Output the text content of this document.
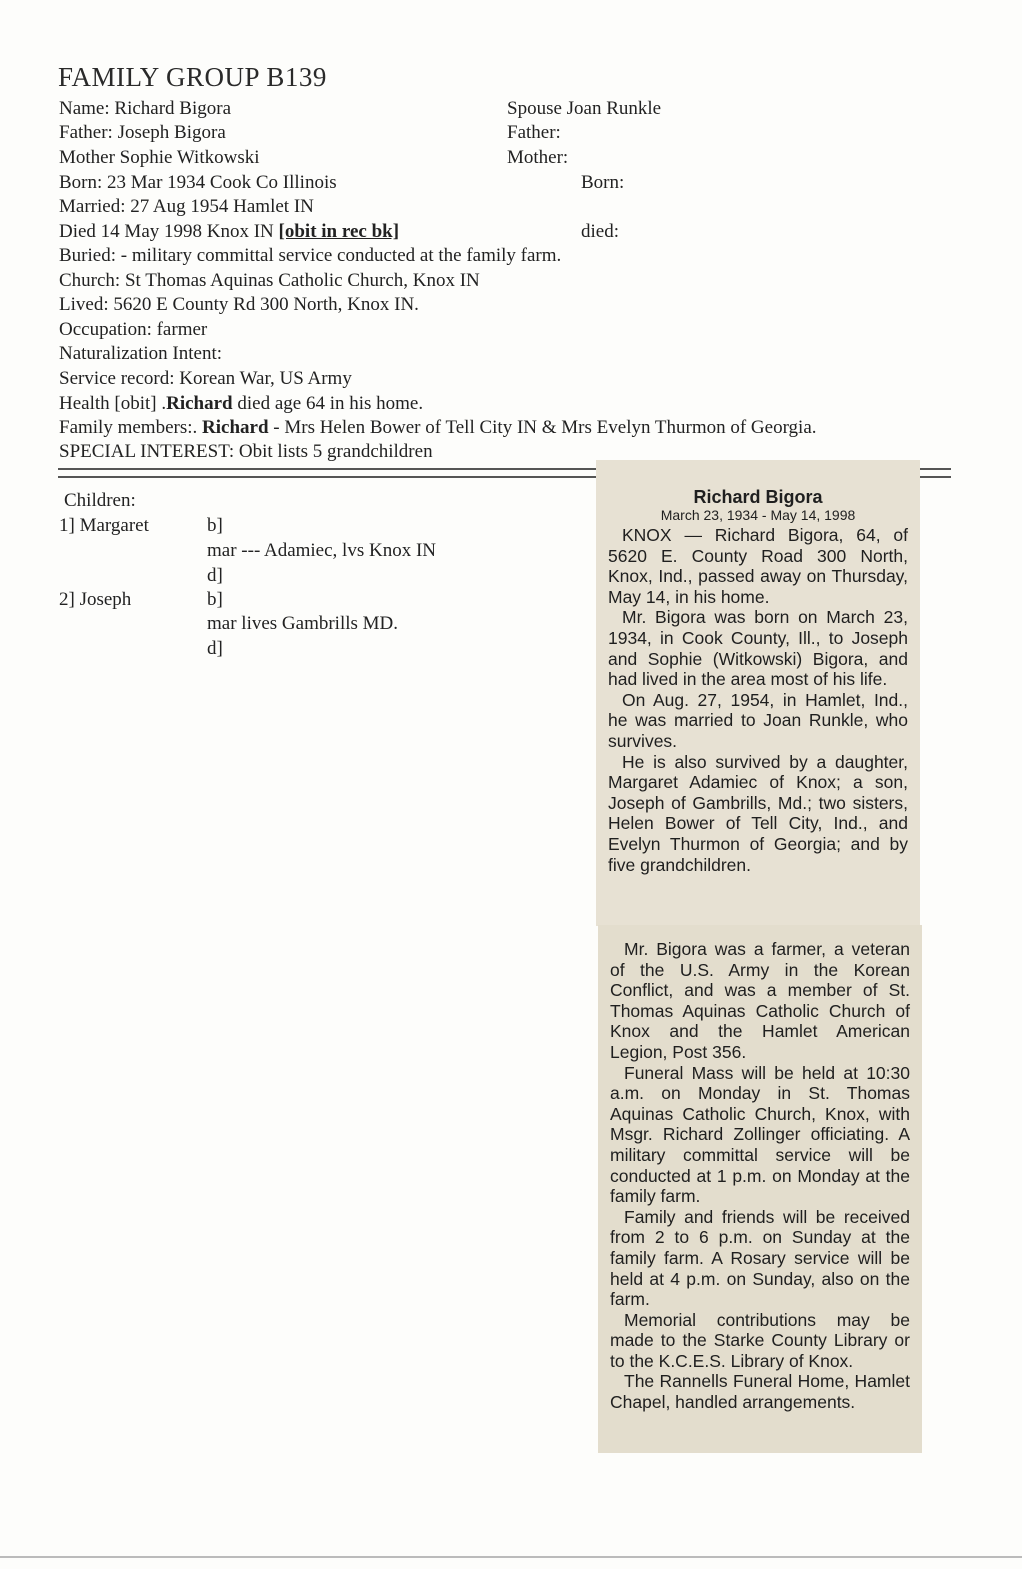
FAMILY GROUP B139
Name: Richard Bigora
Father: Joseph Bigora
Mother Sophie Witkowski
Born: 23 Mar 1934 Cook Co Illinois
Married: 27 Aug 1954 Hamlet IN
Died 14 May 1998 Knox IN [obit in rec bk]
Buried: - military committal service conducted at the family farm.
Church: St Thomas Aquinas Catholic Church, Knox IN
Lived: 5620 E County Rd 300 North, Knox IN.
Occupation: farmer
Naturalization Intent:
Service record: Korean War, US Army
Health [obit] .Richard died age 64 in his home.
Family members:. Richard - Mrs Helen Bower of Tell City IN & Mrs Evelyn Thurmon of Georgia.
SPECIAL INTEREST: Obit lists 5 grandchildren
Spouse Joan Runkle
Father:
Mother:
Born:
died:
Children:
1] Margaret	b]
mar --- Adamiec, lvs Knox IN
d]
2] Joseph	b]
mar lives Gambrills MD.
d]
Richard Bigora
March 23, 1934 - May 14, 1998

KNOX — Richard Bigora, 64, of 5620 E. County Road 300 North, Knox, Ind., passed away on Thursday, May 14, in his home.

Mr. Bigora was born on March 23, 1934, in Cook County, Ill., to Joseph and Sophie (Witkowski) Bigora, and had lived in the area most of his life.

On Aug. 27, 1954, in Hamlet, Ind., he was married to Joan Runkle, who survives.

He is also survived by a daughter, Margaret Adamiec of Knox; a son, Joseph of Gambrills, Md.; two sisters, Helen Bower of Tell City, Ind., and Evelyn Thurmon of Georgia; and by five grandchildren.

Mr. Bigora was a farmer, a veteran of the U.S. Army in the Korean Conflict, and was a member of St. Thomas Aquinas Catholic Church of Knox and the Hamlet American Legion, Post 356.

Funeral Mass will be held at 10:30 a.m. on Monday in St. Thomas Aquinas Catholic Church, Knox, with Msgr. Richard Zollinger officiating. A military committal service will be conducted at 1 p.m. on Monday at the family farm.

Family and friends will be received from 2 to 6 p.m. on Sunday at the family farm. A Rosary service will be held at 4 p.m. on Sunday, also on the farm.

Memorial contributions may be made to the Starke County Library or to the K.C.E.S. Library of Knox.

The Rannells Funeral Home, Hamlet Chapel, handled arrangements.
